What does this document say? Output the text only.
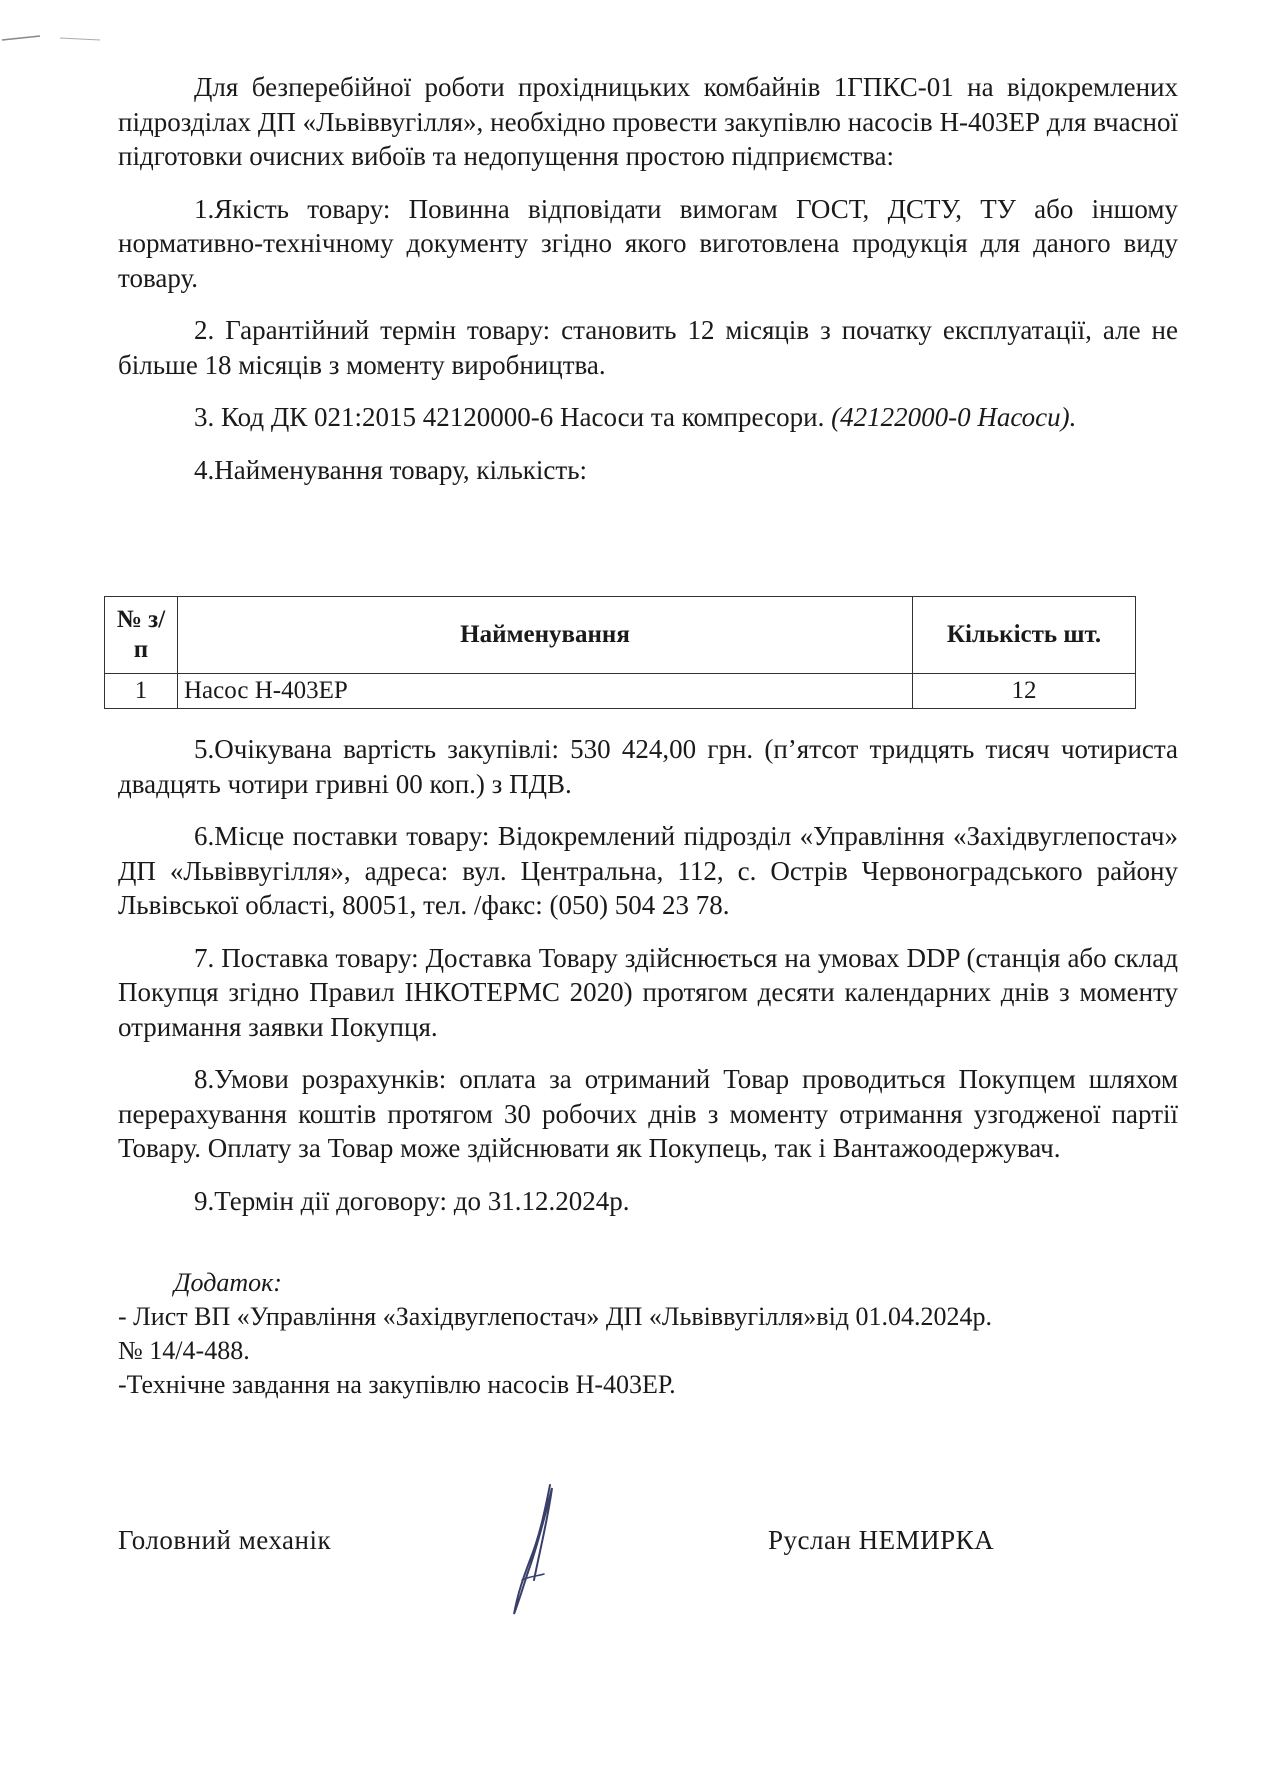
Для безперебійної роботи прохідницьких комбайнів 1ГПКС-01 на відокремлених підрозділах ДП «Львіввугілля», необхідно провести закупівлю насосів Н-403ЕР для вчасної підготовки очисних вибоїв та недопущення простою підприємства:

1.Якість товару: Повинна відповідати вимогам ГОСТ, ДСТУ, ТУ або іншому нормативно-технічному документу згідно якого виготовлена продукція для даного виду товару.

2. Гарантійний термін товару: становить 12 місяців з початку експлуатації, але не більше 18 місяців з моменту виробництва.

3. Код ДК 021:2015 42120000-6 Насоси та компресори. (42122000-0 Насоси).

4.Найменування товару, кількість:

№ з/п	Найменування	Кількість шт.
1	Насос Н-403ЕР	12

5.Очікувана вартість закупівлі: 530 424,00 грн. (п’ятсот тридцять тисяч чотириста двадцять чотири гривні 00 коп.) з ПДВ.

6.Місце поставки товару: Відокремлений підрозділ «Управління «Західвуглепостач» ДП «Львіввугілля», адреса: вул. Центральна, 112, с. Острів Червоноградського району Львівської області, 80051, тел. /факс: (050) 504 23 78.

7. Поставка товару: Доставка Товару здійснюється на умовах DDP (станція або склад Покупця згідно Правил ІНКОТЕРМС 2020) протягом десяти календарних днів з моменту отримання заявки Покупця.

8.Умови розрахунків: оплата за отриманий Товар проводиться Покупцем шляхом перерахування коштів протягом 30 робочих днів з моменту отримання узгодженої партії Товару. Оплату за Товар може здійснювати як Покупець, так і Вантажоодержувач.

9.Термін дії договору: до 31.12.2024р.

Додаток:
- Лист ВП «Управління «Західвуглепостач» ДП «Львіввугілля»від 01.04.2024р.
№ 14/4-488.
-Технічне завдання на закупівлю насосів Н-403ЕР.
Головний механік	Руслан НЕМИРКА
